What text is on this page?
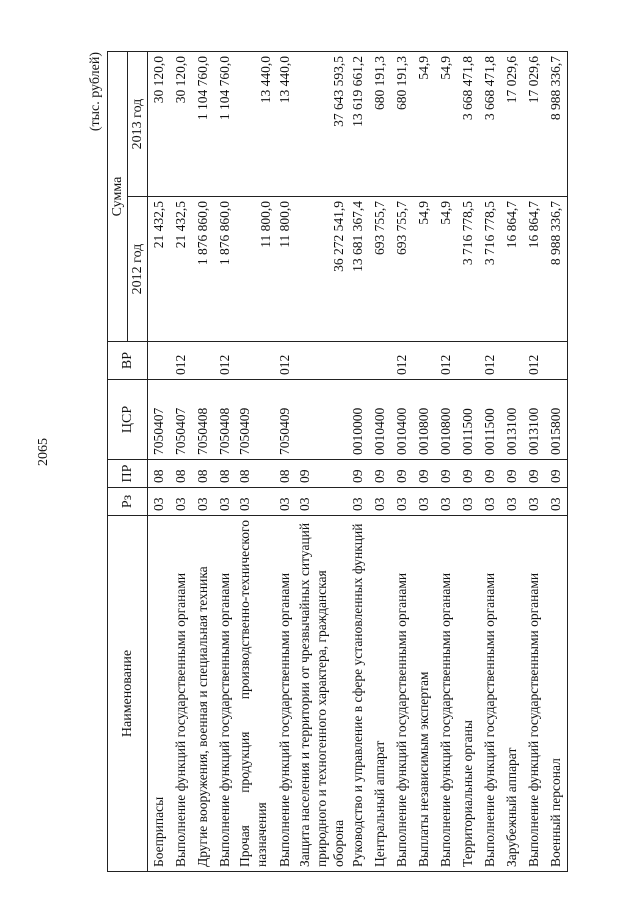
2065
(тыс. рублей)
Наименование	Рз	ПР	ЦСР	ВР	Сумма	
					2012 год	2013 год
Боеприпасы	03	08	7050407		21 432,5	30 120,0
Выполнение функций государственными органами	03	08	7050407	012	21 432,5	30 120,0
Другие вооружения, военная и специальная техника	03	08	7050408		1 876 860,0	1 104 760,0
Выполнение функций государственными органами	03	08	7050408	012	1 876 860,0	1 104 760,0

Прочая
продукция
производственно-технического
назначения	03	08	7050409		11 800,0	13 440,0
Выполнение функций государственными органами	03	08	7050409	012	11 800,0	13 440,0
Защита населения и территории от чрезвычайных ситуаций природного и техногенного характера, гражданская оборона	03	09			36 272 541,9	37 643 593,5
Руководство и управление в сфере установленных функций	03	09	0010000		13 681 367,4	13 619 661,2
Центральный аппарат	03	09	0010400		693 755,7	680 191,3
Выполнение функций государственными органами	03	09	0010400	012	693 755,7	680 191,3
Выплаты независимым экспертам	03	09	0010800		54,9	54,9
Выполнение функций государственными органами	03	09	0010800	012	54,9	54,9
Территориальные органы	03	09	0011500		3 716 778,5	3 668 471,8
Выполнение функций государственными органами	03	09	0011500	012	3 716 778,5	3 668 471,8
Зарубежный аппарат	03	09	0013100		16 864,7	17 029,6
Выполнение функций государственными органами	03	09	0013100	012	16 864,7	17 029,6
Военный персонал	03	09	0015800		8 988 336,7	8 988 336,7
